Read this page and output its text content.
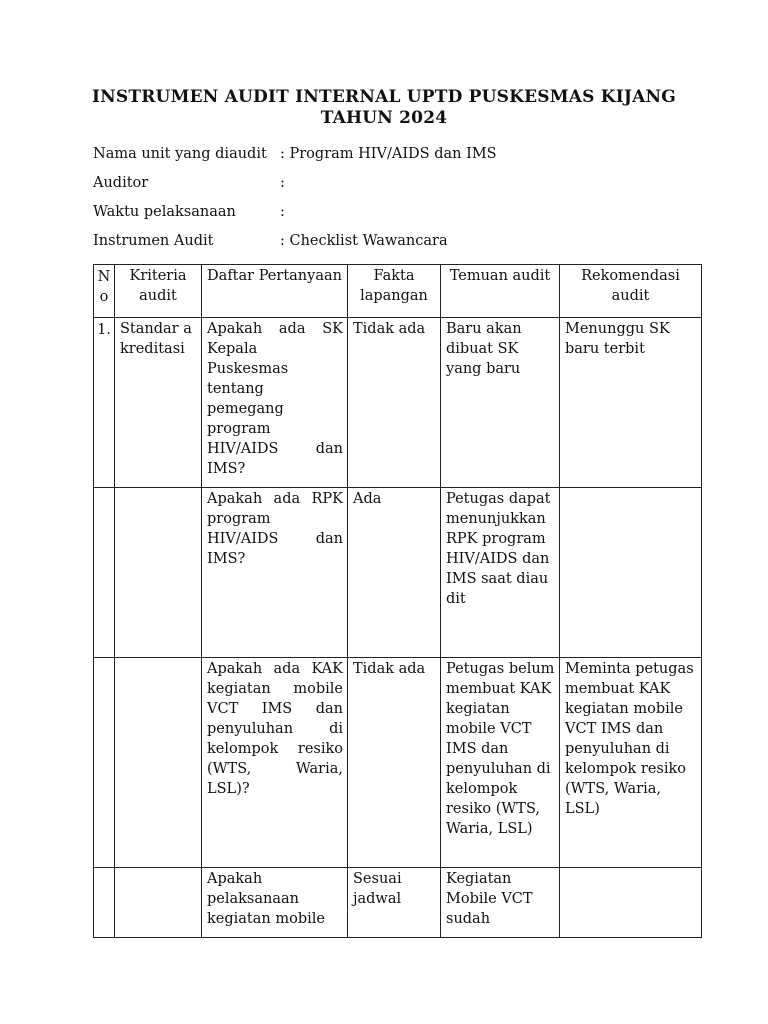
INSTRUMEN AUDIT INTERNAL UPTD PUSKESMAS KIJANG
TAHUN 2024
Nama unit yang diaudit : Program HIV/AIDS dan IMS
Auditor	:
Waktu pelaksanaan	:
Instrumen Audit	: Checklist Wawancara
No	Kriteria audit	Daftar Pertanyaan	Fakta lapangan	Temuan audit	Rekomendasi audit
1.	Standar akreditasi	Apakah ada SK Kepala Puskesmas tentang pemegang program HIV/AIDS dan IMS?	Tidak ada	Baru akan dibuat SK yang baru	Menunggu SK baru terbit
		Apakah ada RPK program HIV/AIDS dan IMS?	Ada	Petugas dapat menunjukkan RPK program HIV/AIDS dan IMS saat diaudit	
		Apakah ada KAK kegiatan mobile VCT IMS dan penyuluhan di kelompok resiko (WTS, Waria, LSL)?	Tidak ada	Petugas belum membuat KAK kegiatan mobile VCT IMS dan penyuluhan di kelompok resiko (WTS, Waria, LSL)	Meminta petugas membuat KAK kegiatan mobile VCT IMS dan penyuluhan di kelompok resiko (WTS, Waria, LSL)
		Apakah pelaksanaan kegiatan mobile	Sesuai jadwal	Kegiatan Mobile VCT sudah	
